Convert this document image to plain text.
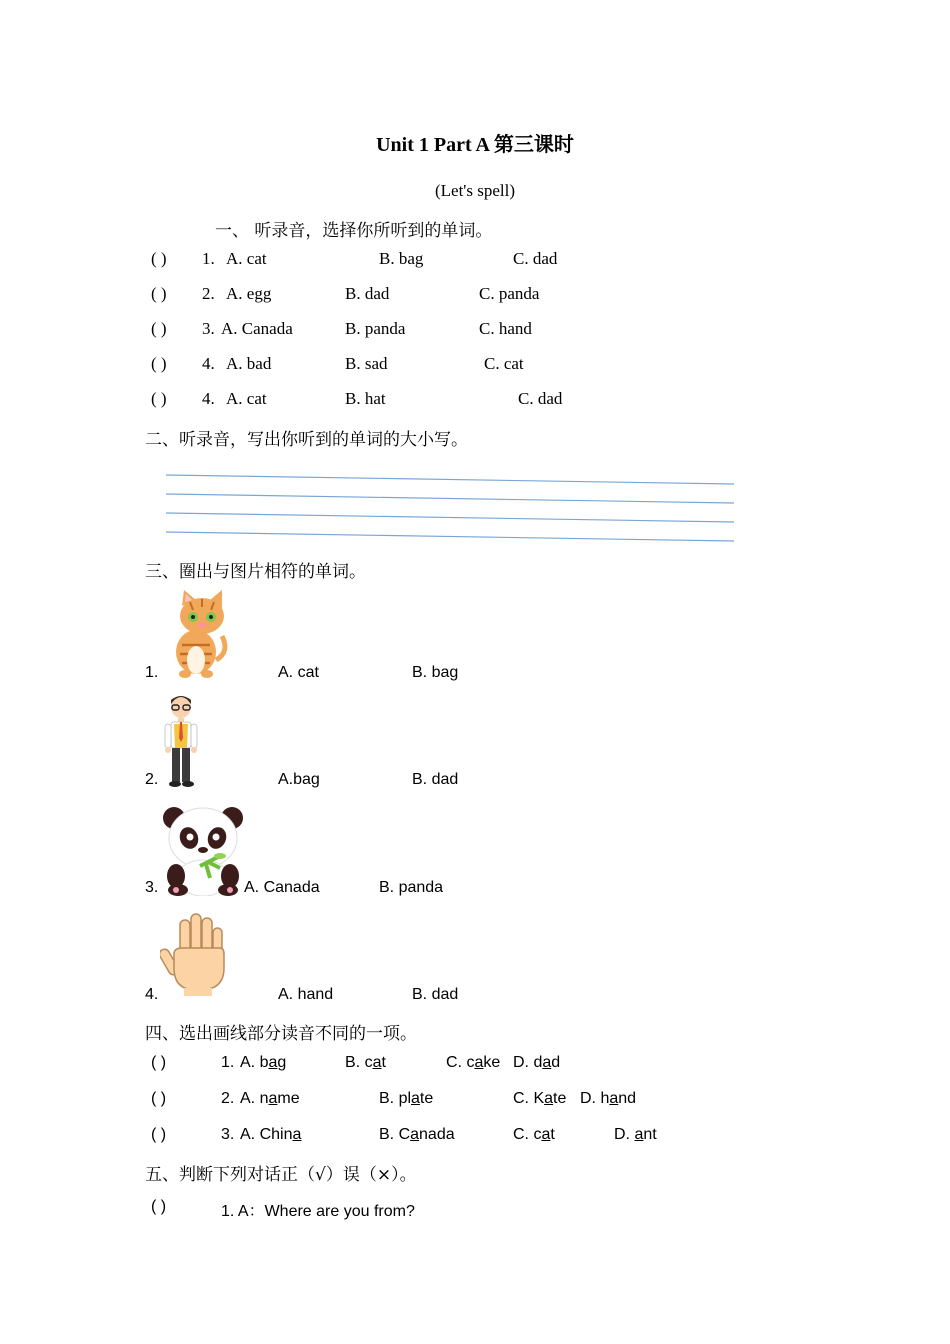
Unit 1 Part A 第三课时
(Let's spell)
一、 听录音，选择你所听到的单词。
( ) 1. A. cat	B. bag	C. dad
( ) 2. A. egg	B. dad	C. panda
( ) 3. A. Canada	B. panda	C. hand
( ) 4. A. bad	B. sad	C. cat
( ) 4. A. cat	B. hat	C. dad
二、听录音，写出你听到的单词的大小写。
三、圈出与图片相符的单词。
1.	A. cat	B. bag
2.	A.bag	B. dad
3.	A. Canada	B. panda
4.	A. hand	B. dad
四、选出画线部分读音不同的一项。
( )	1. A. bag	B. cat	C. cake D. dad
( )	2. A. name	B. plate	C. Kate D. hand
( )	3. A. China	B. Canada	C. cat	D. ant
五、判断下列对话正（√）误（×）。
( )	1. A：Where are you from?
